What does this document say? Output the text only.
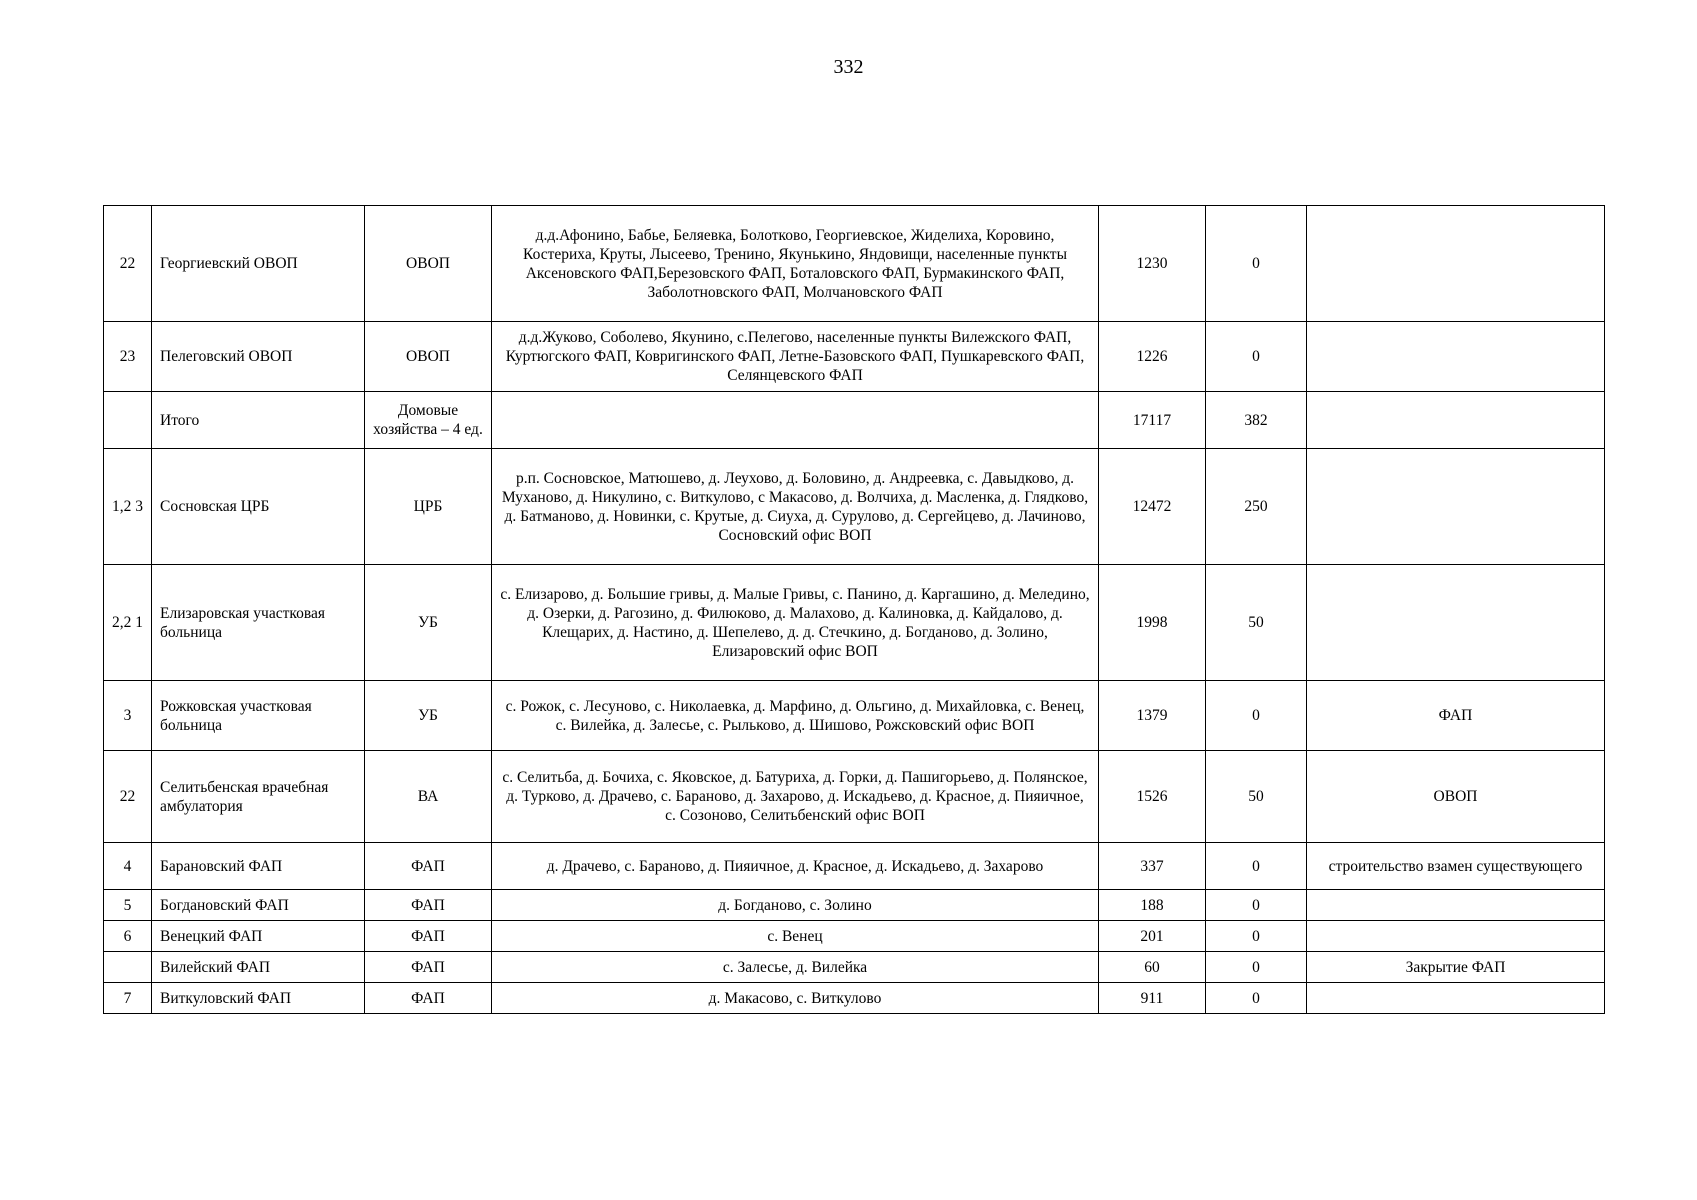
332
22	Георгиевский ОВОП	ОВОП	д.д.Афонино, Бабье, Беляевка, Болотково, Георгиевское, Жиделиха, Коровино, Костериха, Круты, Лысеево, Тренино, Якунькино, Яндовищи, населенные пункты Аксеновского ФАП,Березовского ФАП, Боталовского ФАП, Бурмакинского ФАП, Заболотновского ФАП, Молчановского ФАП	1230	0	
23	Пелеговский ОВОП	ОВОП	д.д.Жуково, Соболево, Якунино, с.Пелегово, населенные пункты Вилежского ФАП, Куртюгского ФАП, Ковригинского ФАП, Летне-Базовского ФАП, Пушкаревского ФАП, Селянцевского ФАП	1226	0	
	Итого	Домовые хозяйства – 4 ед.		17117	382	
1,2 3	Сосновская ЦРБ	ЦРБ	р.п. Сосновское, Матюшево, д. Леухово, д. Боловино, д. Андреевка, с. Давыдково, д. Муханово, д. Никулино, с. Виткулово, с Макасово, д. Волчиха, д. Масленка, д. Глядково, д. Батманово, д. Новинки, с. Крутые, д. Сиуха, д. Сурулово, д. Сергейцево, д. Лачиново, Сосновский офис ВОП	12472	250	
2,2 1	Елизаровская участковая больница	УБ	с. Елизарово, д. Большие гривы, д. Малые Гривы, с. Панино, д. Каргашино, д. Меледино, д. Озерки, д. Рагозино, д. Филюково, д. Малахово, д. Калиновка, д. Кайдалово, д. Клещарих, д. Настино, д. Шепелево, д. д. Стечкино, д. Богданово, д. Золино, Елизаровский офис ВОП	1998	50	
3	Рожковская участковая больница	УБ	с. Рожок, с. Лесуново, с. Николаевка, д. Марфино, д. Ольгино, д. Михайловка, с. Венец, с. Вилейка, д. Залесье, с. Рыльково, д. Шишово, Рожсковский офис ВОП	1379	0	ФАП
22	Селитьбенская врачебная амбулатория	ВА	с. Селитьба, д. Бочиха, с. Яковское, д. Батуриха, д. Горки, д. Пашигорьево, д. Полянское, д. Турково, д. Драчево, с. Бараново, д. Захарово, д. Искадьево, д. Красное, д. Пияичное, с. Созоново, Селитьбенский офис ВОП	1526	50	ОВОП
4	Барановский ФАП	ФАП	д. Драчево, с. Бараново, д. Пияичное, д. Красное, д. Искадьево, д. Захарово	337	0	строительство взамен существующего
5	Богдановский ФАП	ФАП	д. Богданово, с. Золино	188	0	
6	Венецкий ФАП	ФАП	с. Венец	201	0	
	Вилейский ФАП	ФАП	с. Залесье, д. Вилейка	60	0	Закрытие ФАП
7	Виткуловский ФАП	ФАП	д. Макасово, с. Виткулово	911	0	
